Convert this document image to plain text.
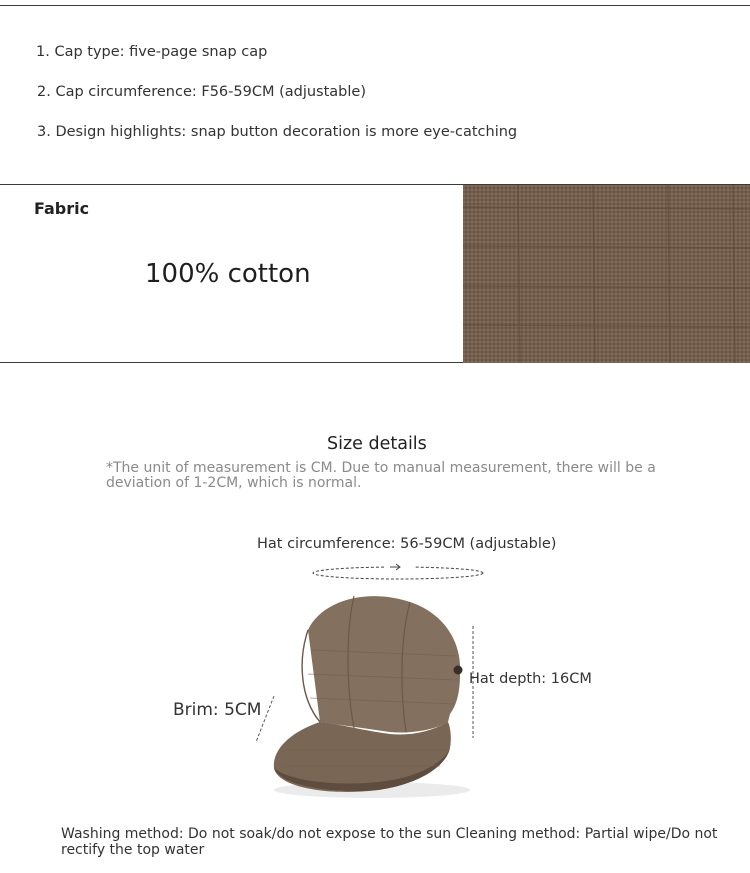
1. Cap type: five-page snap cap
2. Cap circumference: F56-59CM (adjustable)
3. Design highlights: snap button decoration is more eye-catching
Fabric
100% cotton
Size details
*The unit of measurement is CM. Due to manual measurement, there will be a deviation of 1-2CM, which is normal.
Hat circumference: 56-59CM (adjustable)
Brim: 5CM
Hat depth: 16CM
Washing method: Do not soak/do not expose to the sun Cleaning method: Partial wipe/Do not rectify the top water
